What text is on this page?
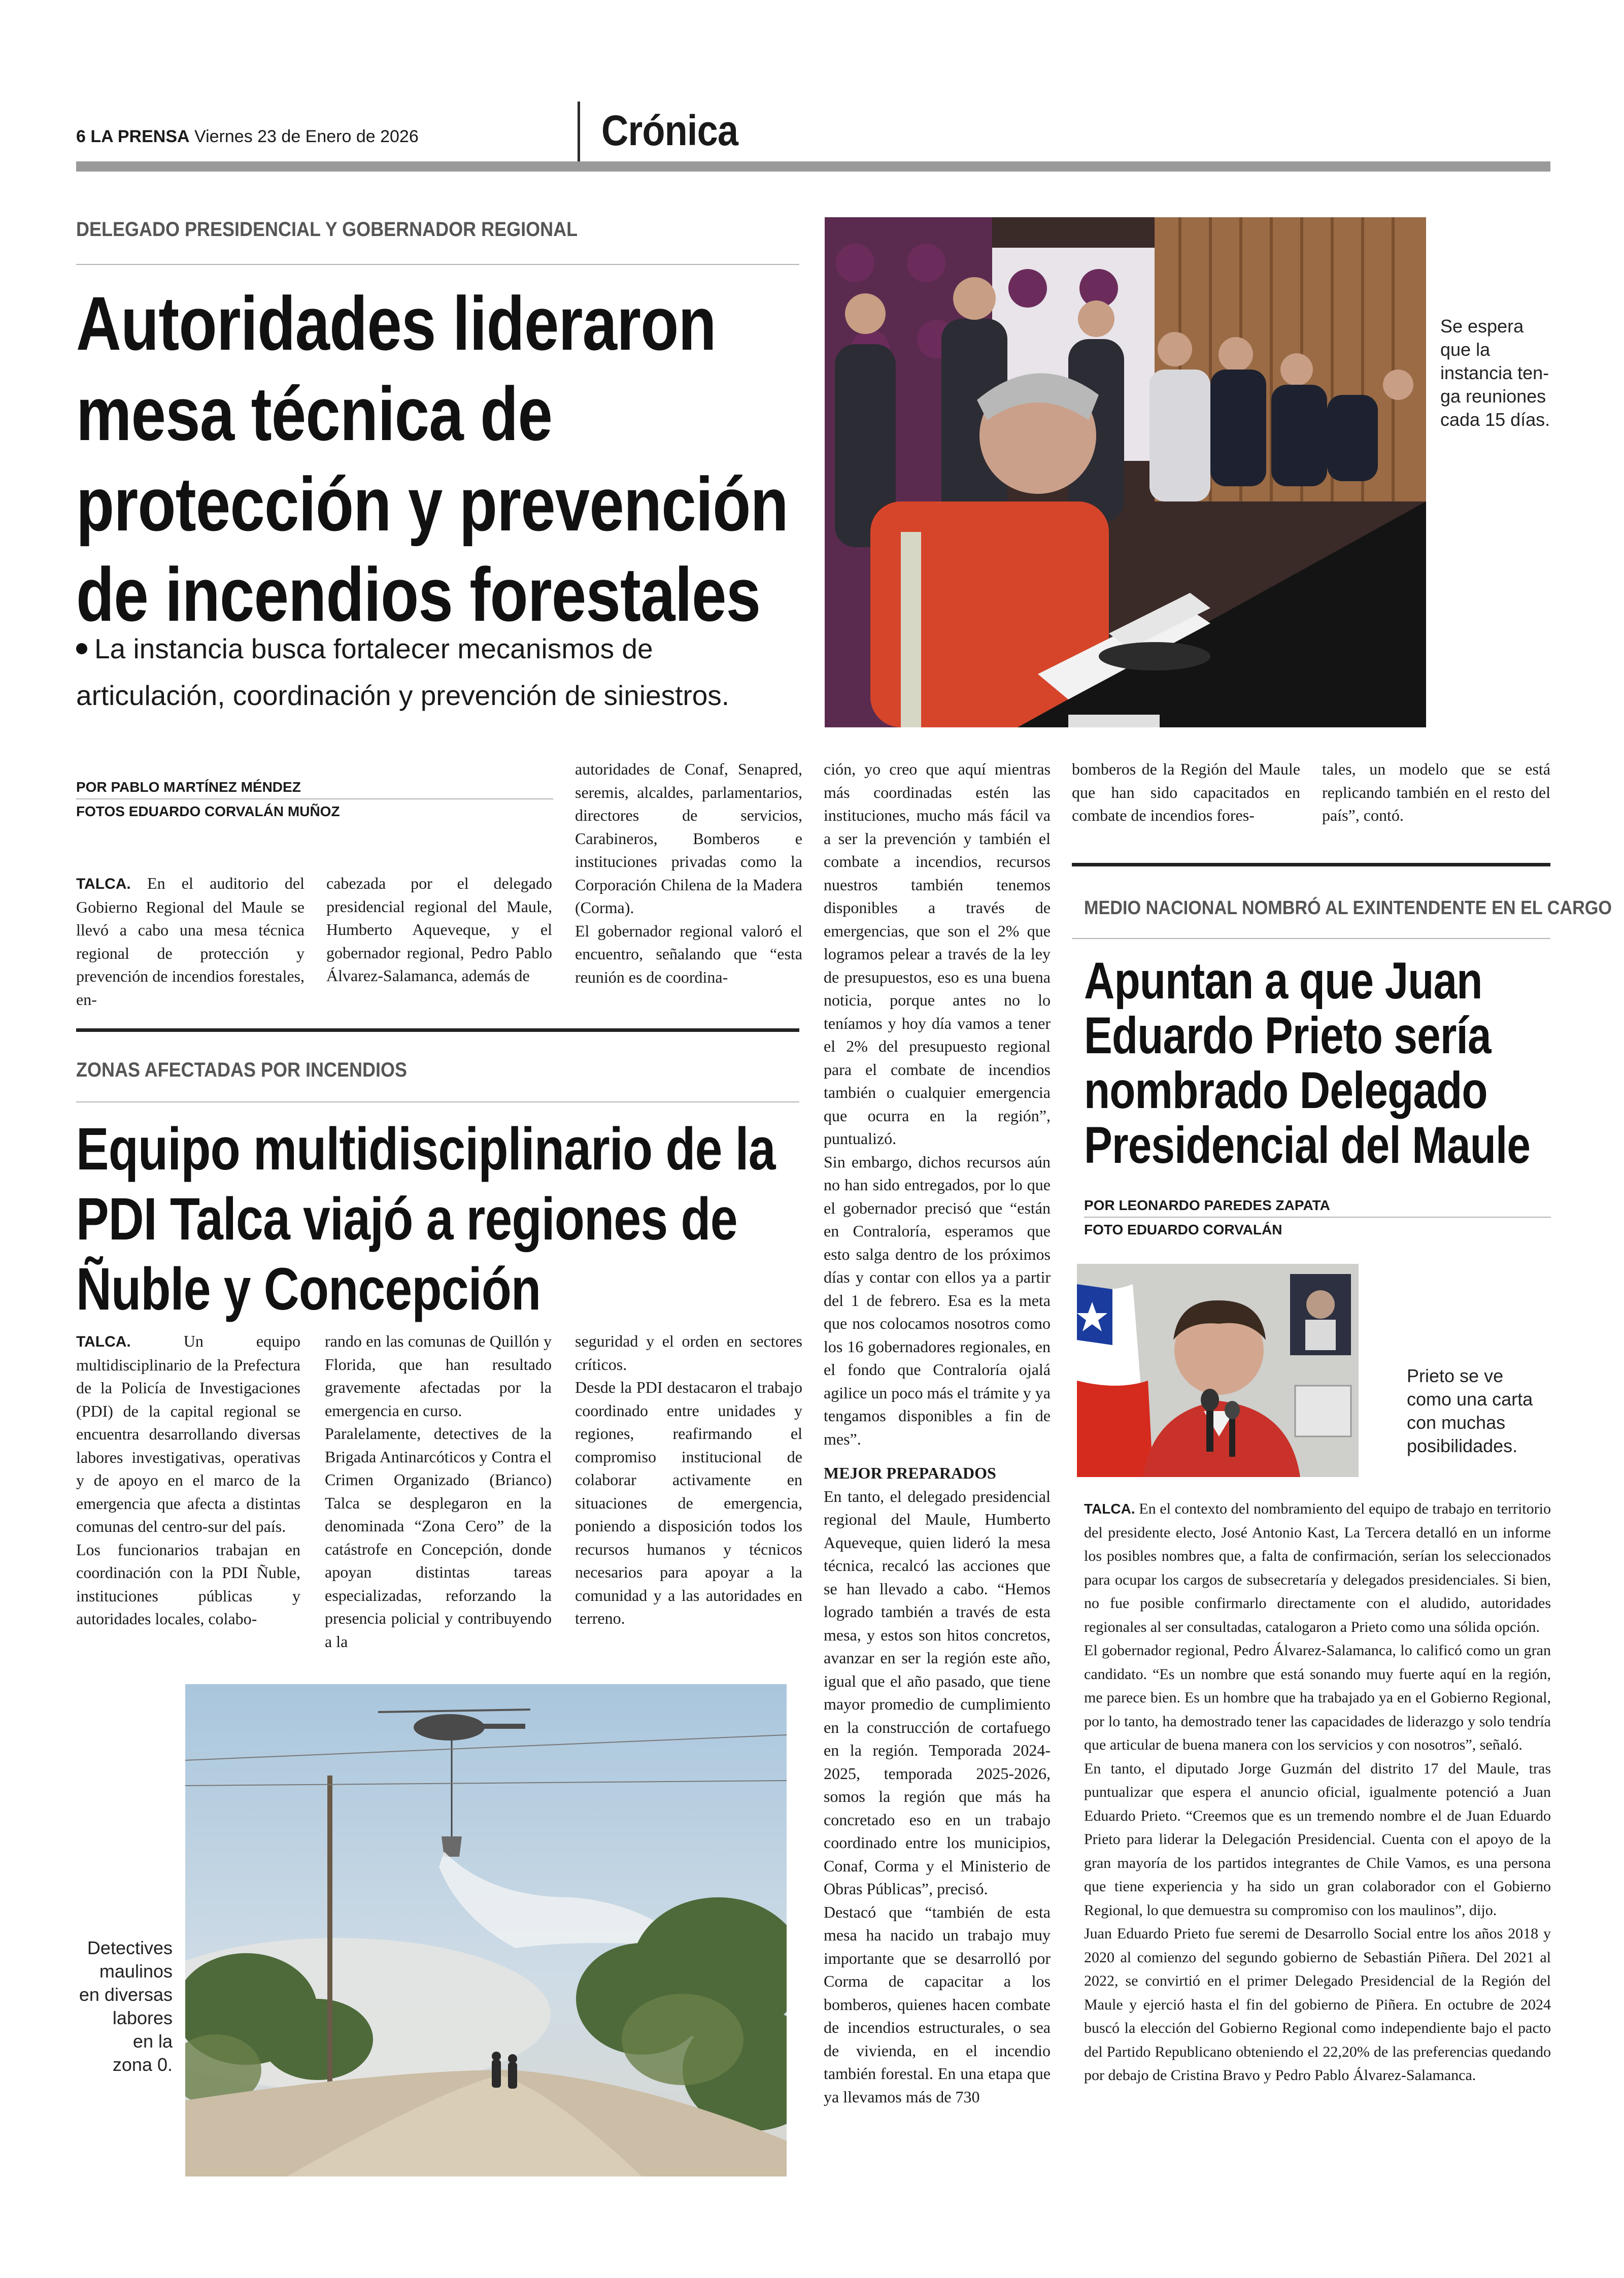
6 LA PRENSA Viernes 23 de Enero de 2026	Crónica
DELEGADO PRESIDENCIAL Y GOBERNADOR REGIONAL
Autoridades lideraron
mesa técnica de
protección y prevención
de incendios forestales
La instancia busca fortalecer mecanismos de
articulación, coordinación y prevención de siniestros.
Se espera
que la
instancia ten-
ga reuniones
cada 15 días.
POR PABLO MARTÍNEZ MÉNDEZ
FOTOS EDUARDO CORVALÁN MUÑOZ

TALCA. En el auditorio del Gobierno Regional del Maule se llevó a cabo una mesa técnica regional de protección y prevención de incendios forestales, en-

cabezada por el delegado presidencial regional del Maule, Humberto Aqueveque, y el gobernador regional, Pedro Pablo Álvarez-Salamanca, además de

autoridades de Conaf, Senapred, seremis, alcaldes, parlamentarios, directores de servicios, Carabineros, Bomberos e instituciones privadas como la Corporación Chilena de la Madera (Corma).

El gobernador regional valoró el encuentro, señalando que “esta reunión es de coordina-

ción, yo creo que aquí mientras más coordinadas estén las instituciones, mucho más fácil va a ser la prevención y también el combate a incendios, recursos nuestros también tenemos disponibles a través de emergencias, que son el 2% que logramos pelear a través de la ley de presupuestos, eso es una buena noticia, porque antes no lo teníamos y hoy día vamos a tener el 2% del presupuesto regional para el combate de incendios también o cualquier emergencia que ocurra en la región”, puntualizó.

Sin embargo, dichos recursos aún no han sido entregados, por lo que el gobernador precisó que “están en Contraloría, esperamos que esto salga dentro de los próximos días y contar con ellos ya a partir del 1 de febrero. Esa es la meta que nos colocamos nosotros como los 16 gobernadores regionales, en el fondo que Contraloría ojalá agilice un poco más el trámite y ya tengamos disponibles a fin de mes”.

MEJOR PREPARADOS

En tanto, el delegado presidencial regional del Maule, Humberto Aqueveque, quien lideró la mesa técnica, recalcó las acciones que se han llevado a cabo. “Hemos logrado también a través de esta mesa, y estos son hitos concretos, avanzar en ser la región este año, igual que el año pasado, que tiene mayor promedio de cumplimiento en la construcción de cortafuego en la región. Temporada 2024-2025, temporada 2025-2026, somos la región que más ha concretado eso en un trabajo coordinado entre los municipios, Conaf, Corma y el Ministerio de Obras Públicas”, precisó.

Destacó que “también de esta mesa ha nacido un trabajo muy importante que se desarrolló por Corma de capacitar a los bomberos, quienes hacen combate de incendios estructurales, o sea de vivienda, en el incendio también forestal. En una etapa que ya llevamos más de 730

bomberos de la Región del Maule que han sido capacitados en combate de incendios fores-

tales, un modelo que se está replicando también en el resto del país”, contó.

ZONAS AFECTADAS POR INCENDIOS
Equipo multidisciplinario de la
PDI Talca viajó a regiones de
Ñuble y Concepción

TALCA.	Un equipo multidisciplinario de la Prefectura de la Policía de Investigaciones (PDI) de la capital regional se encuentra desarrollando diversas labores investigativas, operativas y de apoyo en el marco de la emergencia que afecta a distintas comunas del centro-sur del país.

Los funcionarios trabajan en coordinación con la PDI Ñuble, instituciones públicas y autoridades locales, colabo-

rando en las comunas de Quillón y Florida, que han resultado gravemente afectadas por la emergencia en curso.

Paralelamente, detectives de la Brigada Antinarcóticos y Contra el Crimen Organizado (Brianco) Talca se desplegaron en la denominada “Zona Cero” de la catástrofe en Concepción, donde apoyan distintas tareas especializadas, reforzando la presencia policial y contribuyendo a la

seguridad y el orden en sectores críticos.

Desde la PDI destacaron el trabajo coordinado entre unidades y regiones, reafirmando el compromiso institucional de colaborar activamente en situaciones de emergencia, poniendo a disposición todos los recursos humanos y técnicos necesarios para apoyar a la comunidad y a las autoridades en terreno.

Detectives
maulinos
en diversas
labores
en la
zona 0.
MEDIO NACIONAL NOMBRÓ AL EXINTENDENTE EN EL CARGO
Apuntan a que Juan
Eduardo Prieto sería
nombrado Delegado
Presidencial del Maule
POR LEONARDO PAREDES ZAPATA
FOTO EDUARDO CORVALÁN
Prieto se ve
como una carta
con muchas
posibilidades.

TALCA. En el contexto del nombramiento del equipo de trabajo en territorio del presidente electo, José Antonio Kast, La Tercera detalló en un informe los posibles nombres que, a falta de confirmación, serían los seleccionados para ocupar los cargos de subsecretaría y delegados presidenciales. Si bien, no fue posible confirmarlo directamente con el aludido, autoridades regionales al ser consultadas, catalogaron a Prieto como una sólida opción.

El gobernador regional, Pedro Álvarez-Salamanca, lo calificó como un gran candidato. “Es un nombre que está sonando muy fuerte aquí en la región, me parece bien. Es un hombre que ha trabajado ya en el Gobierno Regional, por lo tanto, ha demostrado tener las capacidades de liderazgo y solo tendría que articular de buena manera con los servicios y con nosotros”, señaló.

En tanto, el diputado Jorge Guzmán del distrito 17 del Maule, tras puntualizar que espera el anuncio oficial, igualmente potenció a Juan Eduardo Prieto. “Creemos que es un tremendo nombre el de Juan Eduardo Prieto para liderar la Delegación Presidencial. Cuenta con el apoyo de la gran mayoría de los partidos integrantes de Chile Vamos, es una persona que tiene experiencia y ha sido un gran colaborador con el Gobierno Regional, lo que demuestra su compromiso con los maulinos”, dijo.

Juan Eduardo Prieto fue seremi de Desarrollo Social entre los años 2018 y 2020 al comienzo del segundo gobierno de Sebastián Piñera. Del 2021 al 2022, se convirtió en el primer Delegado Presidencial de la Región del Maule y ejerció hasta el fin del gobierno de Piñera. En octubre de 2024 buscó la elección del Gobierno Regional como independiente bajo el pacto del Partido Republicano obteniendo el 22,20% de las preferencias quedando por debajo de Cristina Bravo y Pedro Pablo Álvarez-Salamanca.
